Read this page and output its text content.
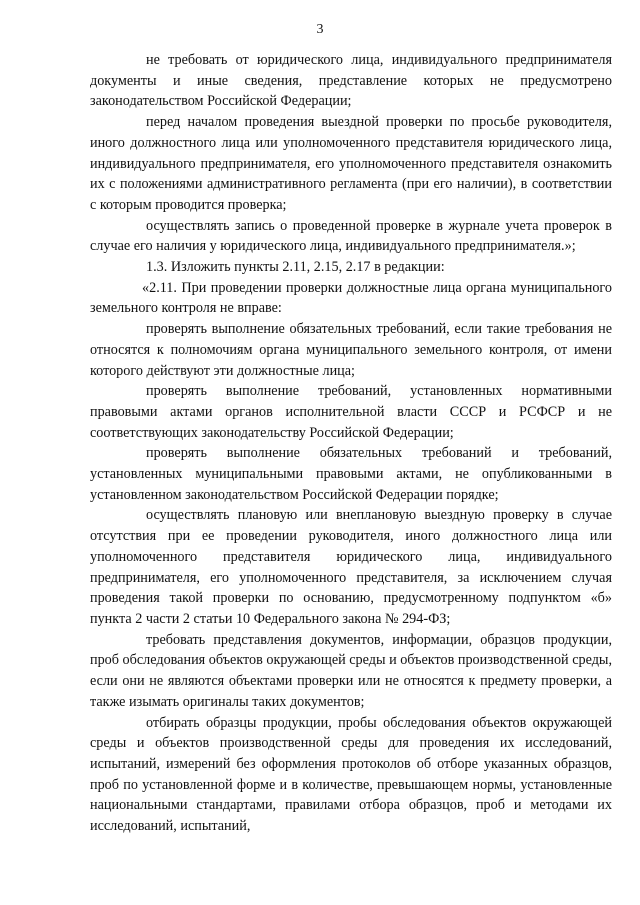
3

не требовать от юридического лица, индивидуального предпринимателя документы и иные сведения, представление которых не предусмотрено законодательством Российской Федерации;

перед началом проведения выездной проверки по просьбе руководителя, иного должностного лица или уполномоченного представителя юридического лица, индивидуального предпринимателя, его уполномоченного представителя ознакомить их с положениями административного регламента (при его наличии), в соответствии с которым проводится проверка;

осуществлять запись о проведенной проверке в журнале учета проверок в случае его наличия у юридического лица, индивидуального предпринимателя.»;

1.3. Изложить пункты 2.11, 2.15, 2.17 в редакции:

«2.11. При проведении проверки должностные лица органа муниципального земельного контроля не вправе:

проверять выполнение обязательных требований, если такие требования не относятся к полномочиям органа муниципального земельного контроля, от имени которого действуют эти должностные лица;

проверять выполнение требований, установленных нормативными правовыми актами органов исполнительной власти СССР и РСФСР и не соответствующих законодательству Российской Федерации;

проверять выполнение обязательных требований и требований, установленных муниципальными правовыми актами, не опубликованными в установленном законодательством Российской Федерации порядке;

осуществлять плановую или внеплановую выездную проверку в случае отсутствия при ее проведении руководителя, иного должностного лица или уполномоченного представителя юридического лица, индивидуального предпринимателя, его уполномоченного представителя, за исключением случая проведения такой проверки по основанию, предусмотренному подпунктом «б» пункта 2 части 2 статьи 10 Федерального закона № 294-ФЗ;

требовать представления документов, информации, образцов продукции, проб обследования объектов окружающей среды и объектов производственной среды, если они не являются объектами проверки или не относятся к предмету проверки, а также изымать оригиналы таких документов;

отбирать образцы продукции, пробы обследования объектов окружающей среды и объектов производственной среды для проведения их исследований, испытаний, измерений без оформления протоколов об отборе указанных образцов, проб по установленной форме и в количестве, превышающем нормы, установленные национальными стандартами, правилами отбора образцов, проб и методами их исследований, испытаний,
